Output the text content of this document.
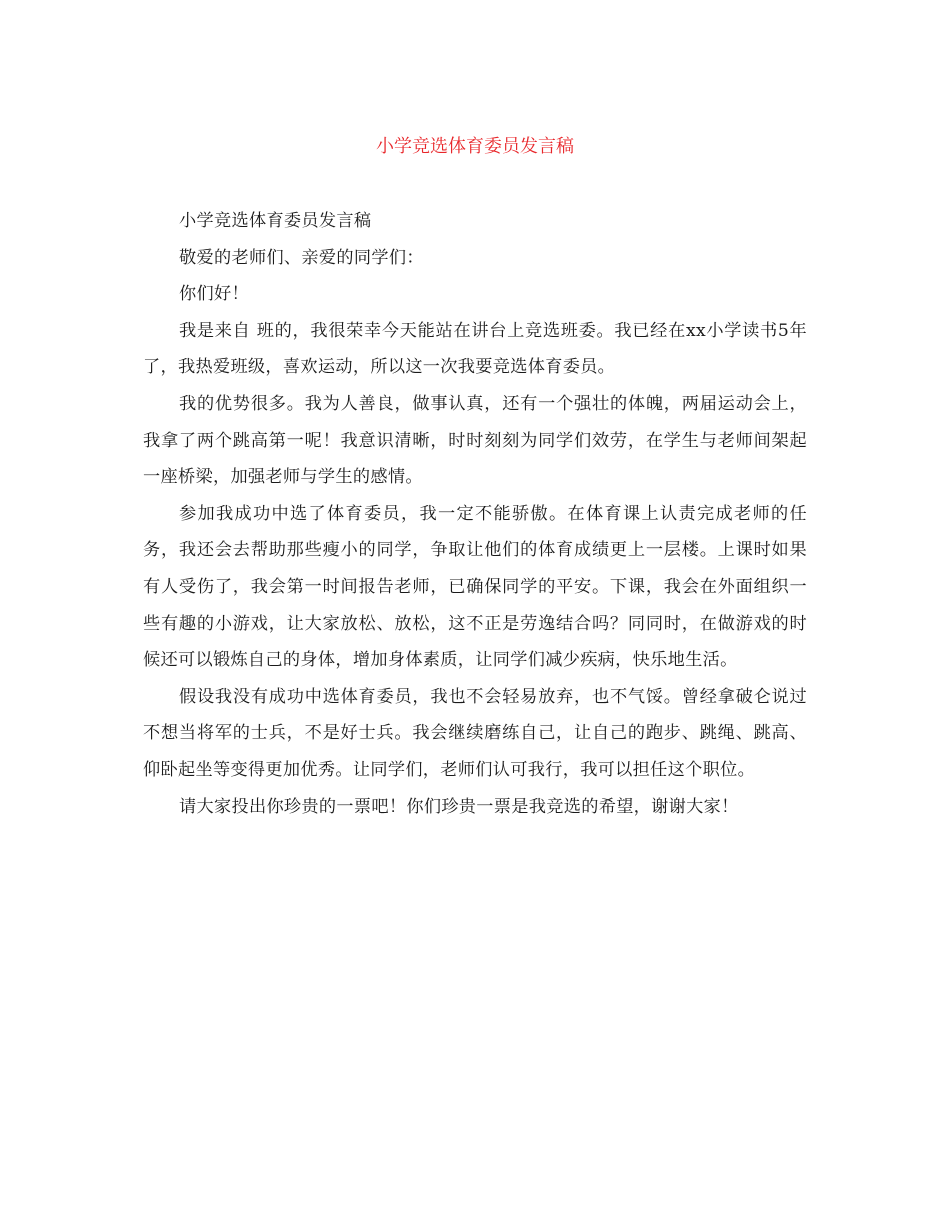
小学竞选体育委员发言稿

小学竞选体育委员发言稿

敬爱的老师们、亲爱的同学们：

你们好！

我是来自 班的，我很荣幸今天能站在讲台上竞选班委。我已经在xx小学读书5年了，我热爱班级，喜欢运动，所以这一次我要竞选体育委员。

我的优势很多。我为人善良，做事认真，还有一个强壮的体魄，两届运动会上，我拿了两个跳高第一呢！我意识清晰，时时刻刻为同学们效劳，在学生与老师间架起一座桥梁，加强老师与学生的感情。

参加我成功中选了体育委员，我一定不能骄傲。在体育课上认责完成老师的任务，我还会去帮助那些瘦小的同学，争取让他们的体育成绩更上一层楼。上课时如果有人受伤了，我会第一时间报告老师，已确保同学的平安。下课，我会在外面组织一些有趣的小游戏，让大家放松、放松，这不正是劳逸结合吗？同同时，在做游戏的时候还可以锻炼自己的身体，增加身体素质，让同学们减少疾病，快乐地生活。

假设我没有成功中选体育委员，我也不会轻易放弃，也不气馁。曾经拿破仑说过不想当将军的士兵，不是好士兵。我会继续磨练自己，让自己的跑步、跳绳、跳高、仰卧起坐等变得更加优秀。让同学们，老师们认可我行，我可以担任这个职位。

请大家投出你珍贵的一票吧！你们珍贵一票是我竞选的希望，谢谢大家！
